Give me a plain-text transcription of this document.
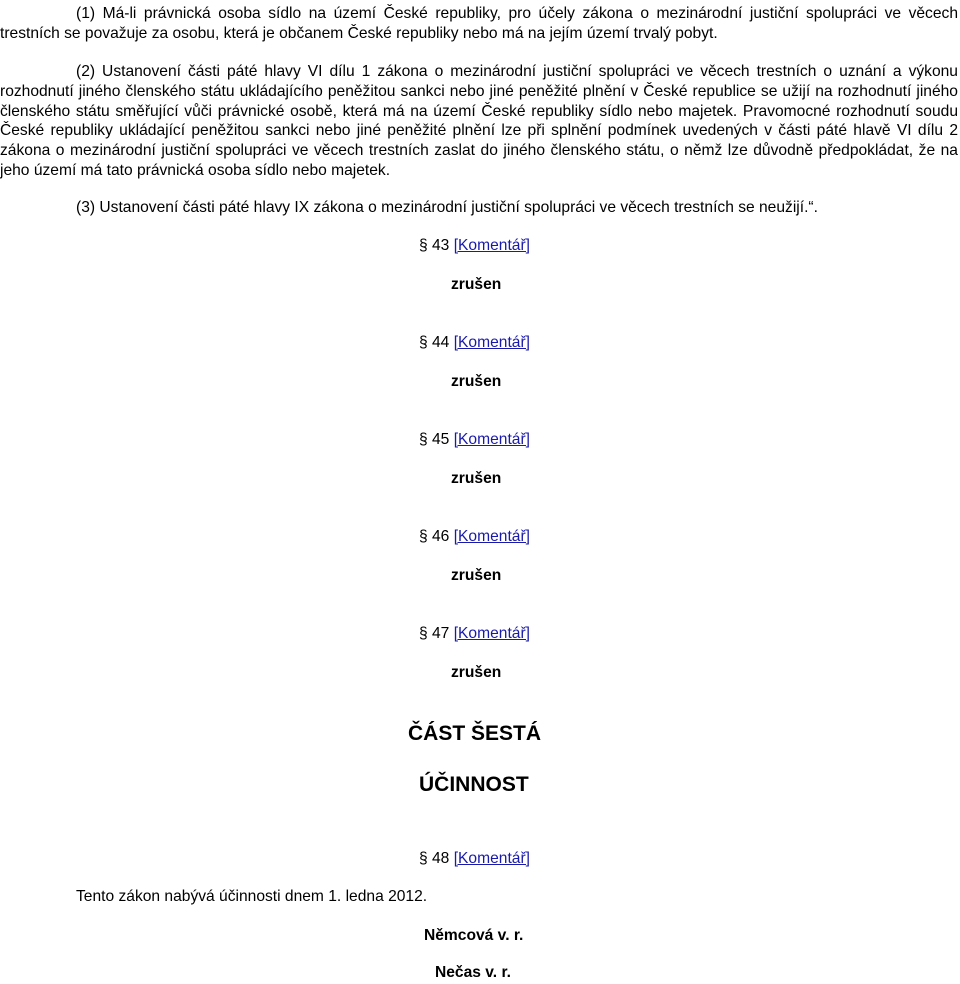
(1) Má-li právnická osoba sídlo na území České republiky, pro účely zákona o mezinárodní justiční spolupráci ve věcech trestních se považuje za osobu, která je občanem České republiky nebo má na jejím území trvalý pobyt.

(2) Ustanovení části páté hlavy VI dílu 1 zákona o mezinárodní justiční spolupráci ve věcech trestních o uznání a výkonu rozhodnutí jiného členského státu ukládajícího peněžitou sankci nebo jiné peněžité plnění v České republice se užijí na rozhodnutí jiného členského státu směřující vůči právnické osobě, která má na území České republiky sídlo nebo majetek. Pravomocné rozhodnutí soudu České republiky ukládající peněžitou sankci nebo jiné peněžité plnění lze při splnění podmínek uvedených v části páté hlavě VI dílu 2 zákona o mezinárodní justiční spolupráci ve věcech trestních zaslat do jiného členského státu, o němž lze důvodně předpokládat, že na jeho území má tato právnická osoba sídlo nebo majetek.

(3) Ustanovení části páté hlavy IX zákona o mezinárodní justiční spolupráci ve věcech trestních se neužijí.“.

§ 43 [Komentář]
zrušen
§ 44 [Komentář]
zrušen
§ 45 [Komentář]
zrušen
§ 46 [Komentář]
zrušen
§ 47 [Komentář]
zrušen
ČÁST ŠESTÁ
ÚČINNOST
§ 48 [Komentář]
Tento zákon nabývá účinnosti dnem 1. ledna 2012.
Němcová v. r.
Nečas v. r.
